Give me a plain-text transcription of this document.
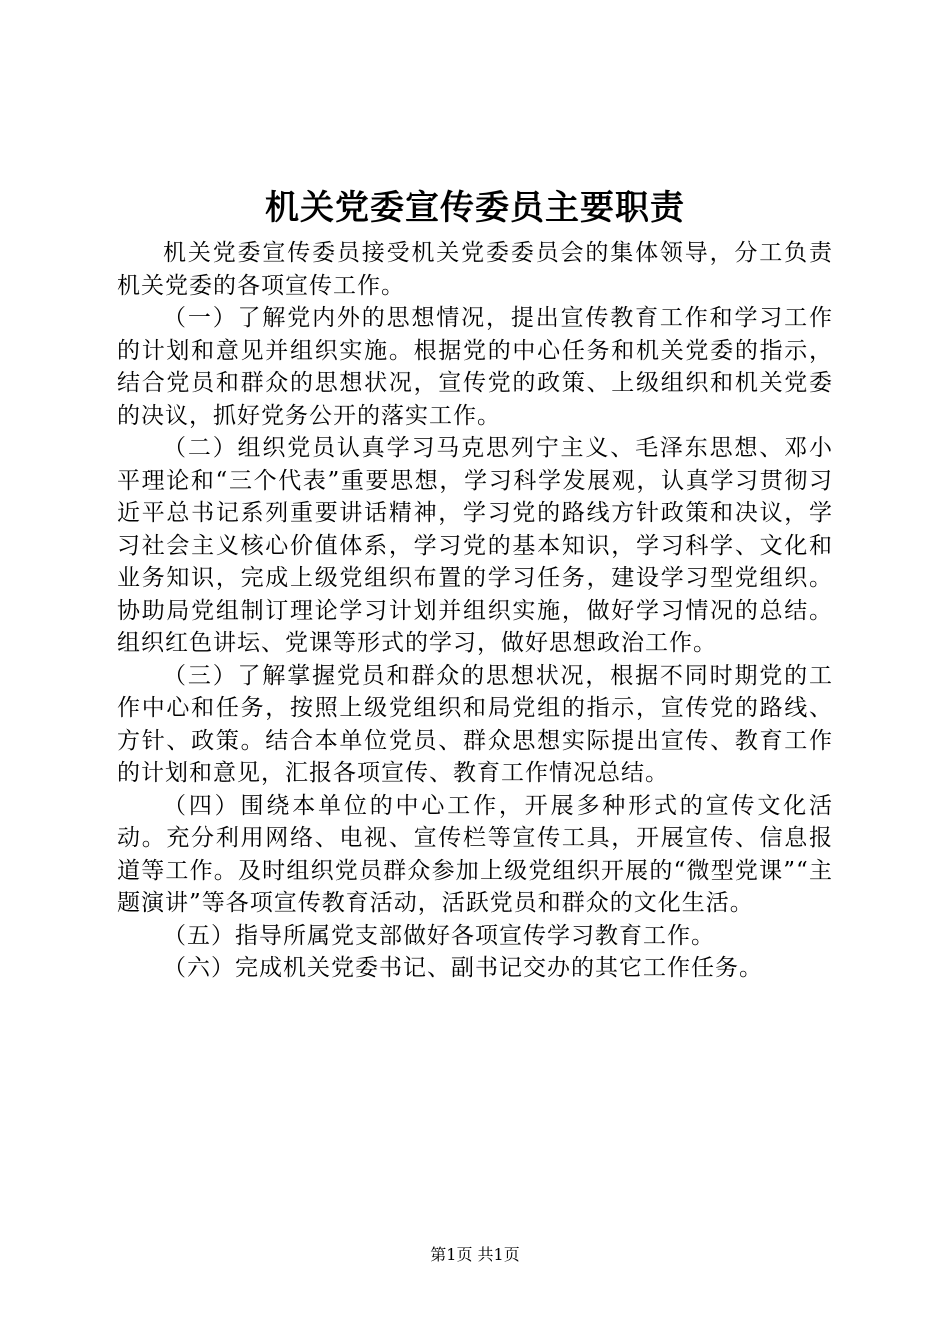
机关党委宣传委员主要职责

机关党委宣传委员接受机关党委委员会的集体领导，分工负责机关党委的各项宣传工作。

（一）了解党内外的思想情况，提出宣传教育工作和学习工作的计划和意见并组织实施。根据党的中心任务和机关党委的指示，结合党员和群众的思想状况，宣传党的政策、上级组织和机关党委的决议，抓好党务公开的落实工作。

（二）组织党员认真学习马克思列宁主义、毛泽东思想、邓小平理论和“三个代表”重要思想，学习科学发展观，认真学习贯彻习近平总书记系列重要讲话精神，学习党的路线方针政策和决议，学习社会主义核心价值体系，学习党的基本知识，学习科学、文化和业务知识，完成上级党组织布置的学习任务，建设学习型党组织。协助局党组制订理论学习计划并组织实施，做好学习情况的总结。组织红色讲坛、党课等形式的学习，做好思想政治工作。

（三）了解掌握党员和群众的思想状况，根据不同时期党的工作中心和任务，按照上级党组织和局党组的指示，宣传党的路线、方针、政策。结合本单位党员、群众思想实际提出宣传、教育工作的计划和意见，汇报各项宣传、教育工作情况总结。

（四）围绕本单位的中心工作，开展多种形式的宣传文化活动。充分利用网络、电视、宣传栏等宣传工具，开展宣传、信息报道等工作。及时组织党员群众参加上级党组织开展的“微型党课”“主题演讲”等各项宣传教育活动，活跃党员和群众的文化生活。

（五）指导所属党支部做好各项宣传学习教育工作。

（六）完成机关党委书记、副书记交办的其它工作任务。

第1页 共1页
